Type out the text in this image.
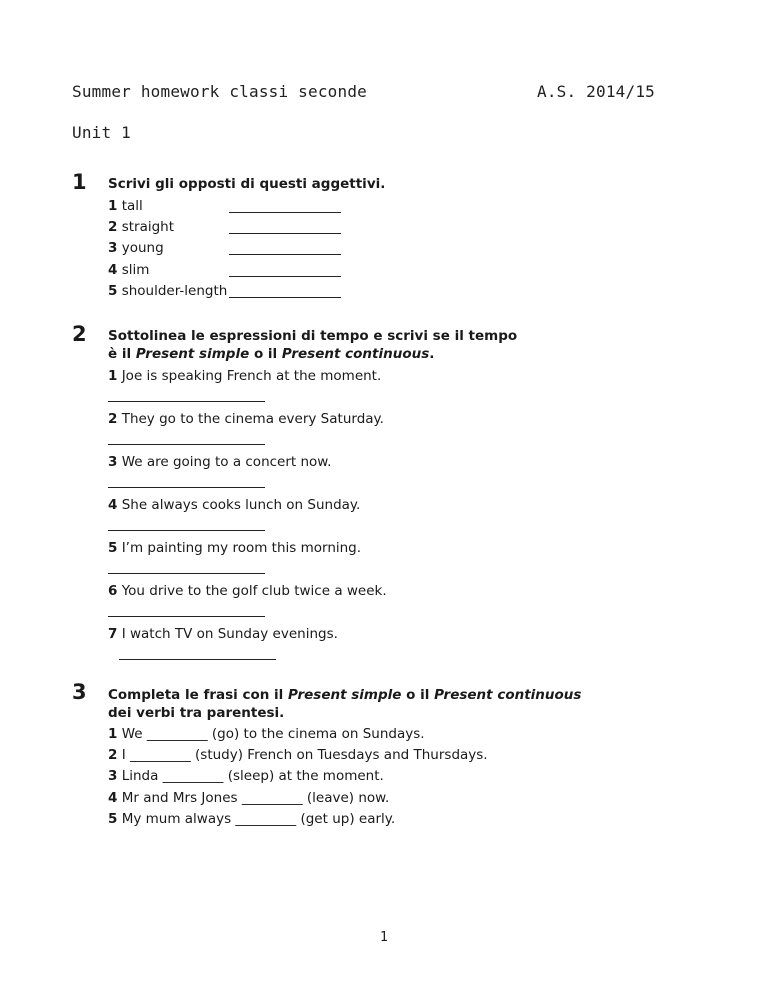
Summer homework classi seconde	A.S. 2014/15
Unit 1
1 Scrivi gli opposti di questi aggettivi.
1 tall
2 straight
3 young
4 slim
5 shoulder-length
2 Sottolinea le espressioni di tempo e scrivi se il tempo
è il Present simple o il Present continuous.
1 Joe is speaking French at the moment.
2 They go to the cinema every Saturday.
3 We are going to a concert now.
4 She always cooks lunch on Sunday.
5 I’m painting my room this morning.
6 You drive to the golf club twice a week.
7 I watch TV on Sunday evenings.
3 Completa le frasi con il Present simple o il Present continuous
dei verbi tra parentesi.
1 We _________ (go) to the cinema on Sundays.
2 I _________ (study) French on Tuesdays and Thursdays.
3 Linda _________ (sleep) at the moment.
4 Mr and Mrs Jones _________ (leave) now.
5 My mum always _________ (get up) early.
1
